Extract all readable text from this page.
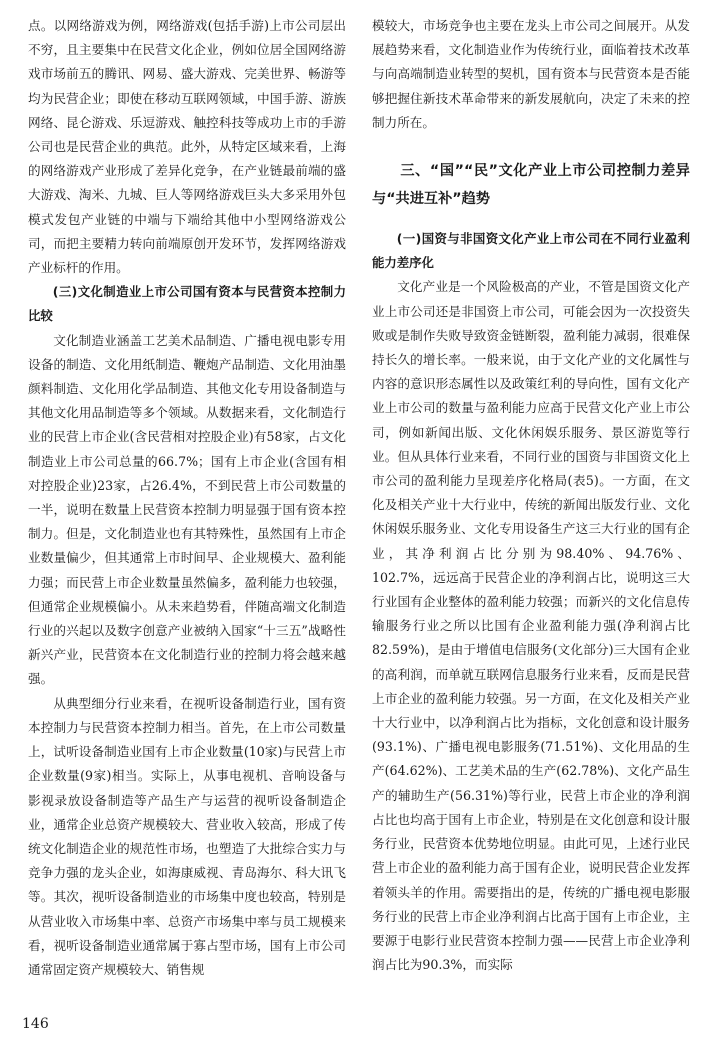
点。以网络游戏为例，网络游戏(包括手游)上市公司层出不穷，且主要集中在民营文化企业，例如位居全国网络游戏市场前五的腾讯、网易、盛大游戏、完美世界、畅游等均为民营企业；即使在移动互联网领域，中国手游、游族网络、昆仑游戏、乐逗游戏、触控科技等成功上市的手游公司也是民营企业的典范。此外，从特定区域来看，上海的网络游戏产业形成了差异化竞争，在产业链最前端的盛大游戏、淘米、九城、巨人等网络游戏巨头大多采用外包模式发包产业链的中端与下端给其他中小型网络游戏公司，而把主要精力转向前端原创开发环节，发挥网络游戏产业标杆的作用。

(三)文化制造业上市公司国有资本与民营资本控制力比较

文化制造业涵盖工艺美术品制造、广播电视电影专用设备的制造、文化用纸制造、鞭炮产品制造、文化用油墨颜料制造、文化用化学品制造、其他文化专用设备制造与其他文化用品制造等多个领域。从数据来看，文化制造行业的民营上市企业(含民营相对控股企业)有58家，占文化制造业上市公司总量的66.7%；国有上市企业(含国有相对控股企业)23家，占26.4%，不到民营上市公司数量的一半，说明在数量上民营资本控制力明显强于国有资本控制力。但是，文化制造业也有其特殊性，虽然国有上市企业数量偏少，但其通常上市时间早、企业规模大、盈利能力强；而民营上市企业数量虽然偏多，盈利能力也较强，但通常企业规模偏小。从未来趋势看，伴随高端文化制造行业的兴起以及数字创意产业被纳入国家“十三五”战略性新兴产业，民营资本在文化制造行业的控制力将会越来越强。

从典型细分行业来看，在视听设备制造行业，国有资本控制力与民营资本控制力相当。首先，在上市公司数量上，试听设备制造业国有上市企业数量(10家)与民营上市企业数量(9家)相当。实际上，从事电视机、音响设备与影视录放设备制造等产品生产与运营的视听设备制造企业，通常企业总资产规模较大、营业收入较高，形成了传统文化制造企业的规范性市场，也塑造了大批综合实力与竞争力强的龙头企业，如海康威视、青岛海尔、科大讯飞等。其次，视听设备制造业的市场集中度也较高，特别是从营业收入市场集中率、总资产市场集中率与员工规模来看，视听设备制造业通常属于寡占型市场，国有上市公司通常固定资产规模较大、销售规

模较大，市场竞争也主要在龙头上市公司之间展开。从发展趋势来看，文化制造业作为传统行业，面临着技术改革与向高端制造业转型的契机，国有资本与民营资本是否能够把握住新技术革命带来的新发展航向，决定了未来的控制力所在。

三、“国”“民”文化产业上市公司控制力差异与“共进互补”趋势
(一)国资与非国资文化产业上市公司在不同行业盈利能力差序化

文化产业是一个风险极高的产业，不管是国资文化产业上市公司还是非国资上市公司，可能会因为一次投资失败或是制作失败导致资金链断裂，盈利能力减弱，很难保持长久的增长率。一般来说，由于文化产业的文化属性与内容的意识形态属性以及政策红利的导向性，国有文化产业上市公司的数量与盈利能力应高于民营文化产业上市公司，例如新闻出版、文化休闲娱乐服务、景区游览等行业。但从具体行业来看，不同行业的国资与非国资文化上市公司的盈利能力呈现差序化格局(表5)。一方面，在文化及相关产业十大行业中，传统的新闻出版发行业、文化休闲娱乐服务业、文化专用设备生产这三大行业的国有企业，其净利润占比分别为98.40%、94.76%、102.7%，远远高于民营企业的净利润占比，说明这三大行业国有企业整体的盈利能力较强；而新兴的文化信息传输服务行业之所以比国有企业盈利能力强(净利润占比82.59%)，是由于增值电信服务(文化部分)三大国有企业的高利润，而单就互联网信息服务行业来看，反而是民营上市企业的盈利能力较强。另一方面，在文化及相关产业十大行业中，以净利润占比为指标，文化创意和设计服务(93.1%)、广播电视电影服务(71.51%)、文化用品的生产(64.62%)、工艺美术品的生产(62.78%)、文化产品生产的辅助生产(56.31%)等行业，民营上市企业的净利润占比也均高于国有上市企业，特别是在文化创意和设计服务行业，民营资本优势地位明显。由此可见，上述行业民营上市企业的盈利能力高于国有企业，说明民营企业发挥着领头羊的作用。需要指出的是，传统的广播电视电影服务行业的民营上市企业净利润占比高于国有上市企业，主要源于电影行业民营资本控制力强——民营上市企业净利润占比为90.3%，而实际

146
